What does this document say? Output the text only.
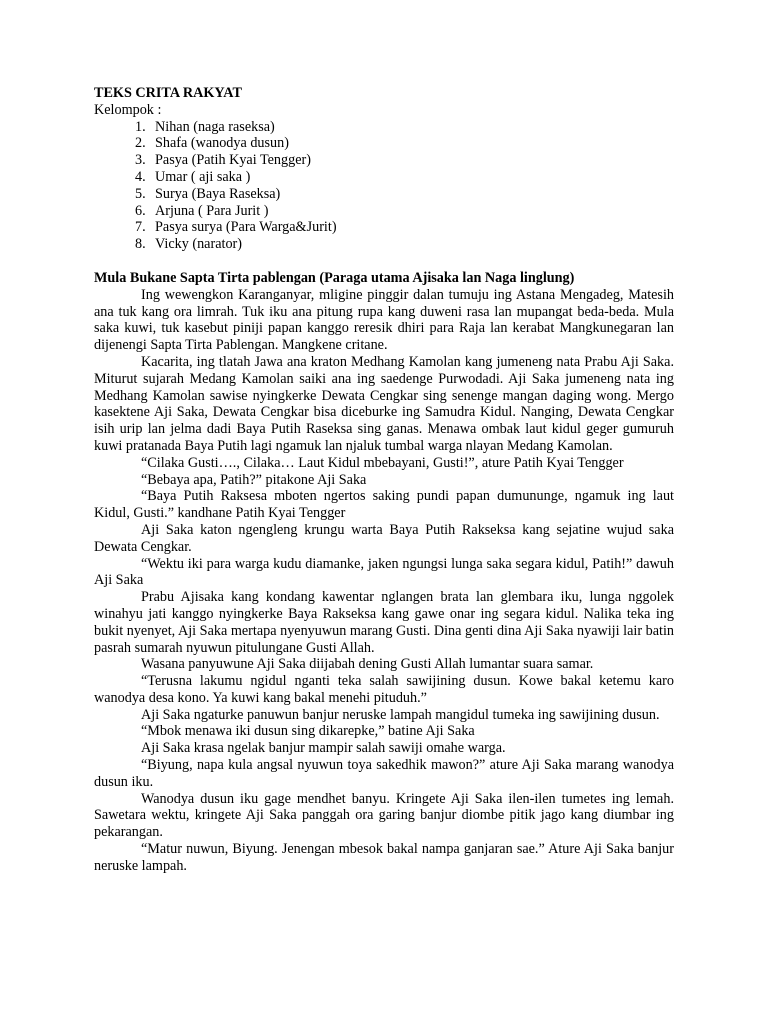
TEKS CRITA RAKYAT

Kelompok :

1. Nihan (naga raseksa)
2. Shafa (wanodya dusun)
3. Pasya (Patih Kyai Tengger)
4. Umar ( aji saka )
5. Surya (Baya Raseksa)
6. Arjuna ( Para Jurit )
7. Pasya surya (Para Warga&Jurit)
8. Vicky (narator)

Mula Bukane Sapta Tirta pablengan (Paraga utama Ajisaka lan Naga linglung)

Ing wewengkon Karanganyar, mligine pinggir dalan tumuju ing Astana Mengadeg, Matesih ana tuk kang ora limrah. Tuk iku ana pitung rupa kang duweni rasa lan mupangat beda-beda. Mula saka kuwi, tuk kasebut piniji papan kanggo reresik dhiri para Raja lan kerabat Mangkunegaran lan dijenengi Sapta Tirta Pablengan. Mangkene critane.

Kacarita, ing tlatah Jawa ana kraton Medhang Kamolan kang jumeneng nata Prabu Aji Saka. Miturut sujarah Medang Kamolan saiki ana ing saedenge Purwodadi. Aji Saka jumeneng nata ing Medhang Kamolan sawise nyingkerke Dewata Cengkar sing senenge mangan daging wong. Mergo kasektene Aji Saka, Dewata Cengkar bisa diceburke ing Samudra Kidul. Nanging, Dewata Cengkar isih urip lan jelma dadi Baya Putih Raseksa sing ganas. Menawa ombak laut kidul geger gumuruh kuwi pratanada Baya Putih lagi ngamuk lan njaluk tumbal warga nlayan Medang Kamolan.

“Cilaka Gusti…., Cilaka… Laut Kidul mbebayani, Gusti!”, ature Patih Kyai Tengger

“Bebaya apa, Patih?” pitakone Aji Saka

“Baya Putih Raksesa mboten ngertos saking pundi papan dumununge, ngamuk ing laut Kidul, Gusti.” kandhane Patih Kyai Tengger

Aji Saka katon ngengleng krungu warta Baya Putih Rakseksa kang sejatine wujud saka Dewata Cengkar.

“Wektu iki para warga kudu diamanke, jaken ngungsi lunga saka segara kidul, Patih!” dawuh Aji Saka

Prabu Ajisaka kang kondang kawentar nglangen brata lan glembara iku, lunga nggolek winahyu jati kanggo nyingkerke Baya Rakseksa kang gawe onar ing segara kidul. Nalika teka ing bukit nyenyet, Aji Saka mertapa nyenyuwun marang Gusti. Dina genti dina Aji Saka nyawiji lair batin pasrah sumarah nyuwun pitulungane Gusti Allah.

Wasana panyuwune Aji Saka diijabah dening Gusti Allah lumantar suara samar.

“Terusna lakumu ngidul nganti teka salah sawijining dusun. Kowe bakal ketemu karo wanodya desa kono. Ya kuwi kang bakal menehi pituduh.”

Aji Saka ngaturke panuwun banjur neruske lampah mangidul tumeka ing sawijining dusun.

“Mbok menawa iki dusun sing dikarepke,” batine Aji Saka

Aji Saka krasa ngelak banjur mampir salah sawiji omahe warga.

“Biyung, napa kula angsal nyuwun toya sakedhik mawon?” ature Aji Saka marang wanodya dusun iku.

Wanodya dusun iku gage mendhet banyu. Kringete Aji Saka ilen-ilen tumetes ing lemah. Sawetara wektu, kringete Aji Saka panggah ora garing banjur diombe pitik jago kang diumbar ing pekarangan.

“Matur nuwun, Biyung. Jenengan mbesok bakal nampa ganjaran sae.” Ature Aji Saka banjur neruske lampah.
